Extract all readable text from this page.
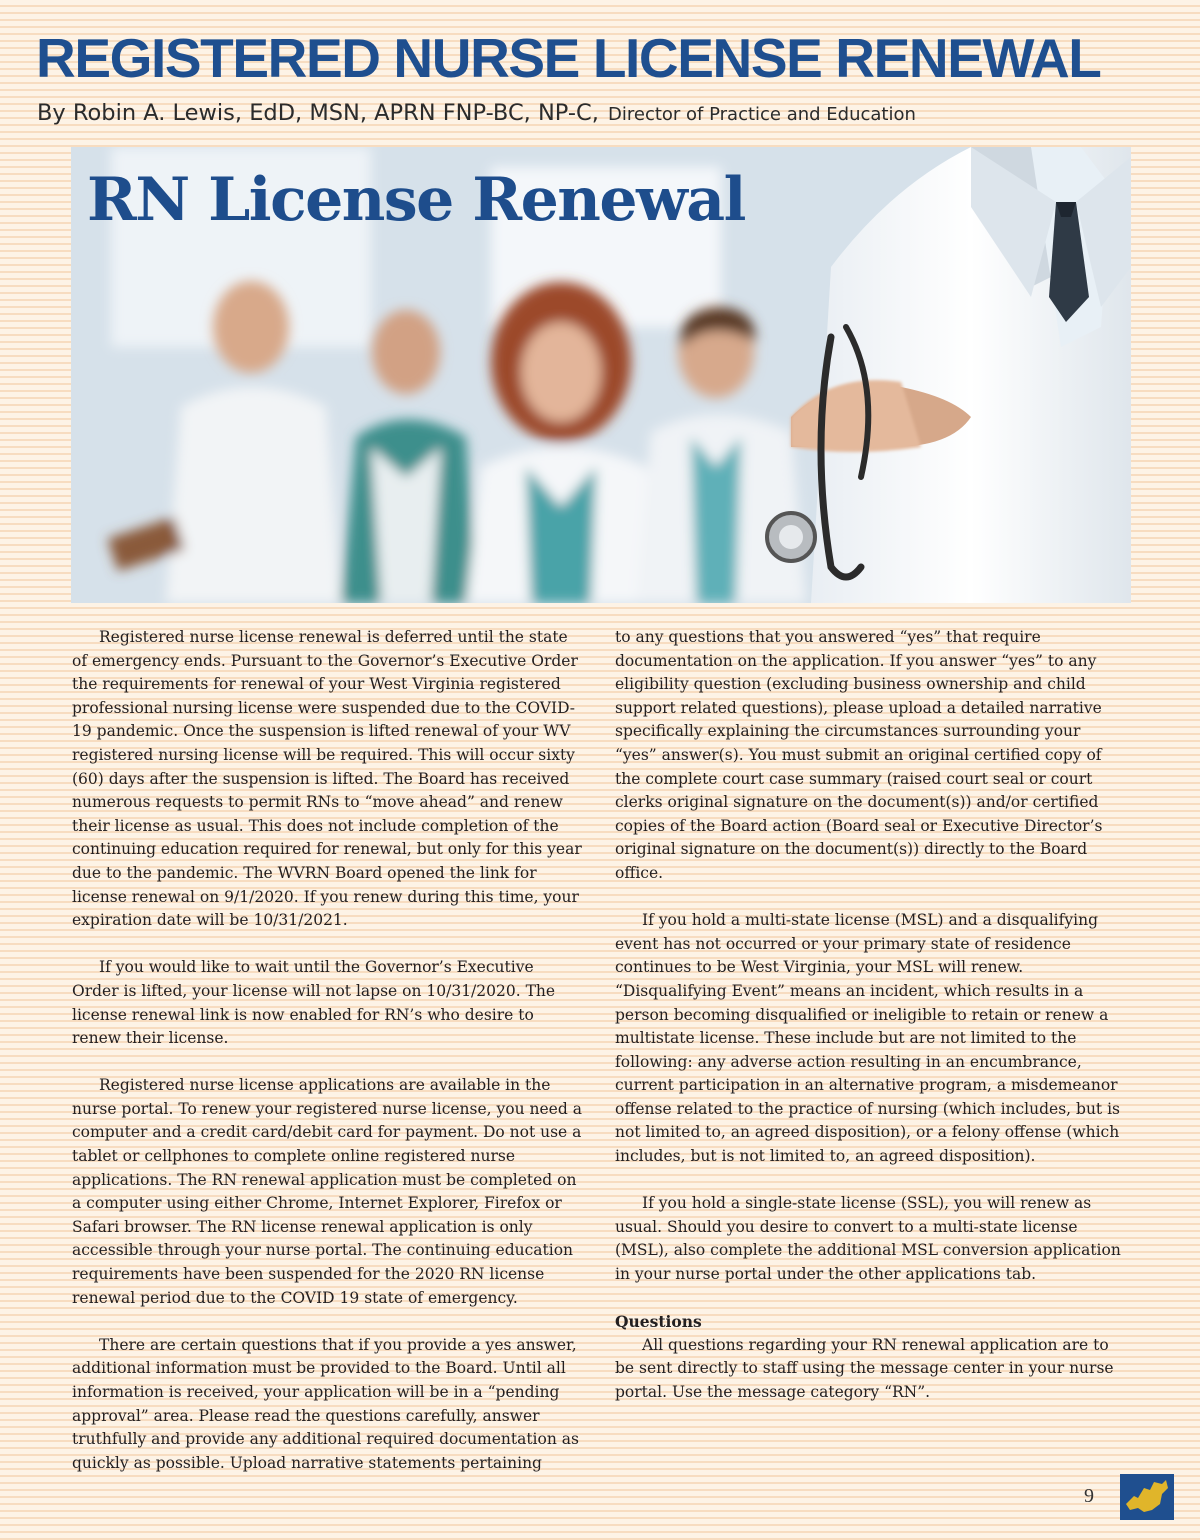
REGISTERED NURSE LICENSE RENEWAL
By Robin A. Lewis, EdD, MSN, APRN FNP-BC, NP-C, Director of Practice and Education
RN License Renewal

Registered nurse license renewal is deferred until the state of emergency ends. Pursuant to the Governor’s Executive Order the requirements for renewal of your West Virginia registered professional nursing license were suspended due to the COVID-19 pandemic. Once the suspension is lifted renewal of your WV registered nursing license will be required. This will occur sixty (60) days after the suspension is lifted. The Board has received numerous requests to permit RNs to “move ahead” and renew their license as usual. This does not include completion of the continuing education required for renewal, but only for this year due to the pandemic. The WVRN Board opened the link for license renewal on 9/1/2020. If you renew during this time, your expiration date will be 10/31/2021.

If you would like to wait until the Governor’s Executive Order is lifted, your license will not lapse on 10/31/2020. The license renewal link is now enabled for RN’s who desire to renew their license.

Registered nurse license applications are available in the nurse portal. To renew your registered nurse license, you need a computer and a credit card/debit card for payment. Do not use a tablet or cellphones to complete online registered nurse applications. The RN renewal application must be completed on a computer using either Chrome, Internet Explorer, Firefox or Safari browser. The RN license renewal application is only accessible through your nurse portal. The continuing education requirements have been suspended for the 2020 RN license renewal period due to the COVID 19 state of emergency.

There are certain questions that if you provide a yes answer, additional information must be provided to the Board. Until all information is received, your application will be in a “pending approval” area. Please read the questions carefully, answer truthfully and provide any additional required documentation as quickly as possible. Upload narrative statements pertaining

to any questions that you answered “yes” that require documentation on the application. If you answer “yes” to any eligibility question (excluding business ownership and child support related questions), please upload a detailed narrative specifically explaining the circumstances surrounding your “yes” answer(s). You must submit an original certified copy of the complete court case summary (raised court seal or court clerks original signature on the document(s)) and/or certified copies of the Board action (Board seal or Executive Director’s original signature on the document(s)) directly to the Board office.

If you hold a multi-state license (MSL) and a disqualifying event has not occurred or your primary state of residence continues to be West Virginia, your MSL will renew. “Disqualifying Event” means an incident, which results in a person becoming disqualified or ineligible to retain or renew a multistate license. These include but are not limited to the following: any adverse action resulting in an encumbrance, current participation in an alternative program, a misdemeanor offense related to the practice of nursing (which includes, but is not limited to, an agreed disposition), or a felony offense (which includes, but is not limited to, an agreed disposition).

If you hold a single-state license (SSL), you will renew as usual. Should you desire to convert to a multi-state license (MSL), also complete the additional MSL conversion application in your nurse portal under the other applications tab.

Questions

All questions regarding your RN renewal application are to be sent directly to staff using the message center in your nurse portal. Use the message category “RN”.

9
